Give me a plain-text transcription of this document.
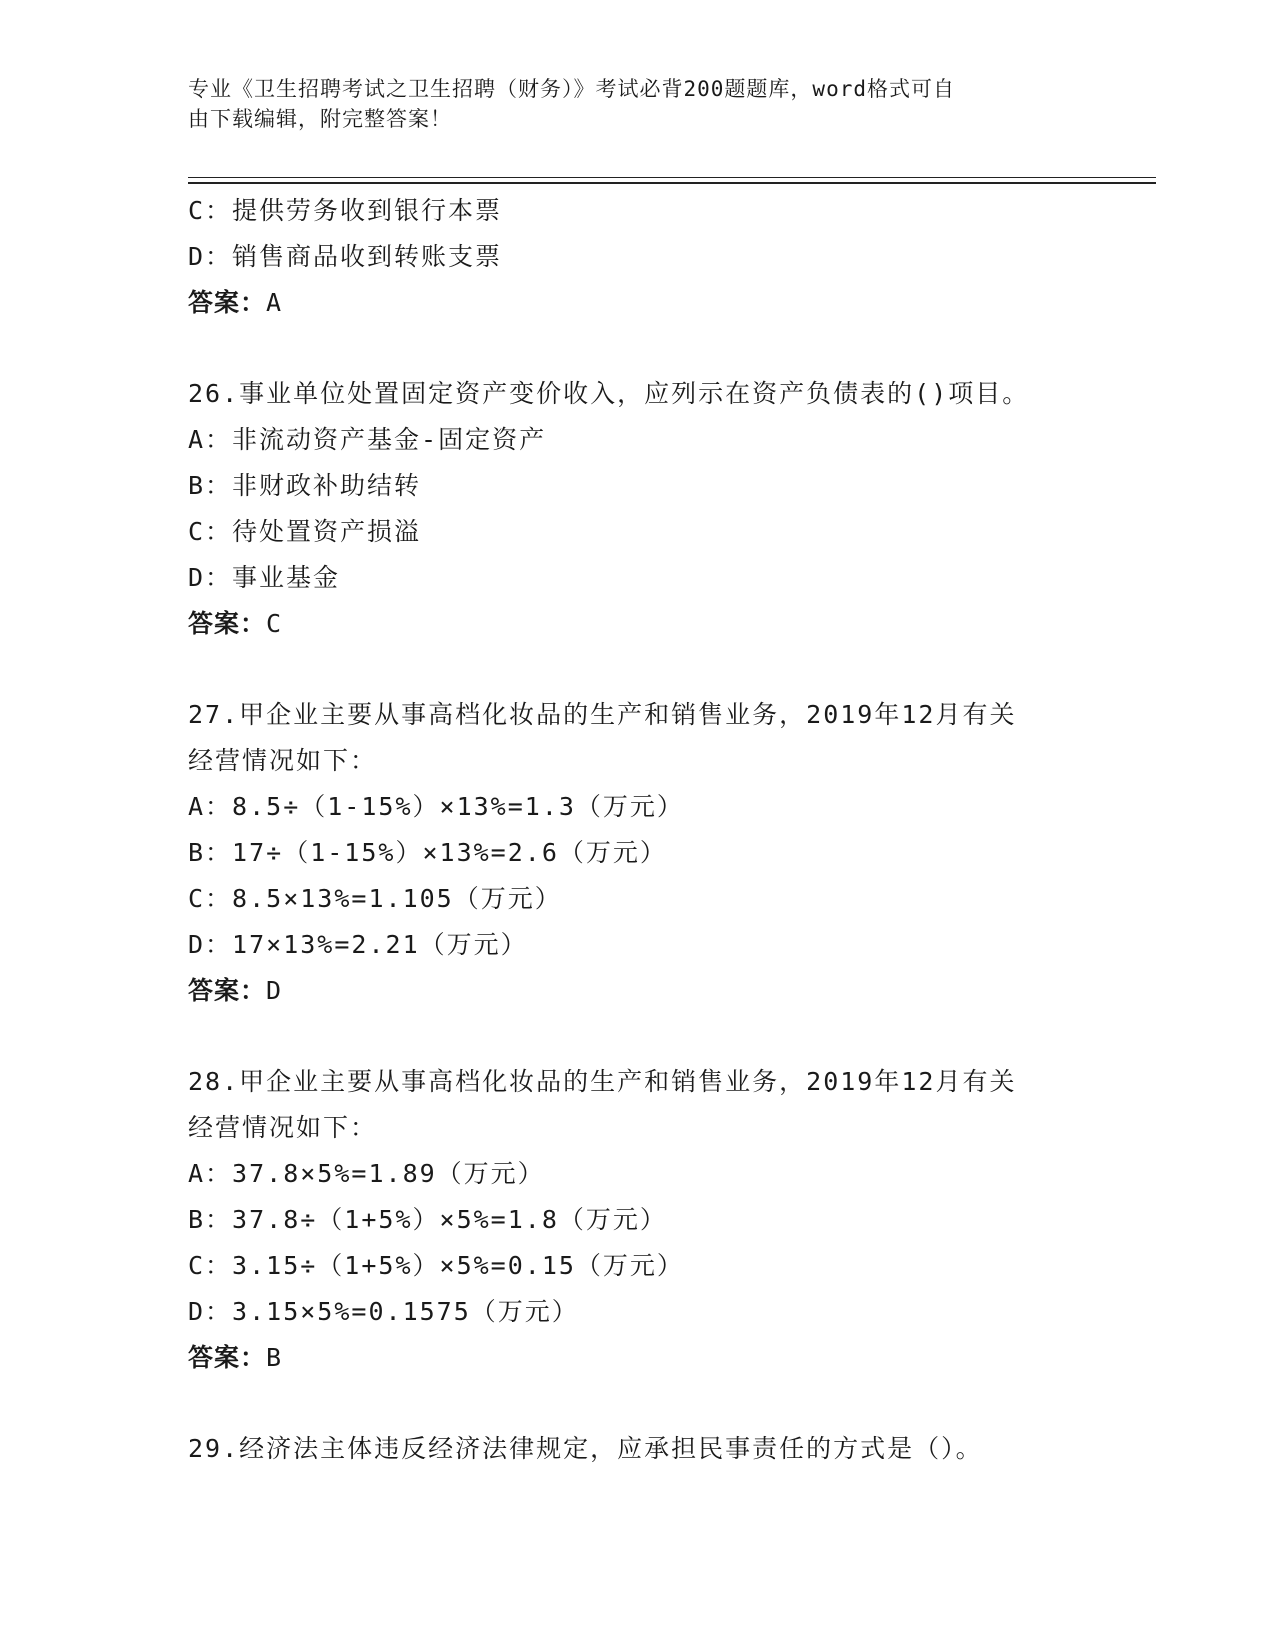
专业《卫生招聘考试之卫生招聘（财务）》考试必背200题题库，word格式可自
由下载编辑，附完整答案！
C：提供劳务收到银行本票
D：销售商品收到转账支票
答案：A
26.事业单位处置固定资产变价收入，应列示在资产负债表的()项目。
A：非流动资产基金-固定资产
B：非财政补助结转
C：待处置资产损溢
D：事业基金
答案：C
27.甲企业主要从事高档化妆品的生产和销售业务，2019年12月有关
经营情况如下：
A：8.5÷（1-15%）×13%=1.3（万元）
B：17÷（1-15%）×13%=2.6（万元）
C：8.5×13%=1.105（万元）
D：17×13%=2.21（万元）
答案：D
28.甲企业主要从事高档化妆品的生产和销售业务，2019年12月有关
经营情况如下：
A：37.8×5%=1.89（万元）
B：37.8÷（1+5%）×5%=1.8（万元）
C：3.15÷（1+5%）×5%=0.15（万元）
D：3.15×5%=0.1575（万元）
答案：B
29.经济法主体违反经济法律规定，应承担民事责任的方式是（）。
